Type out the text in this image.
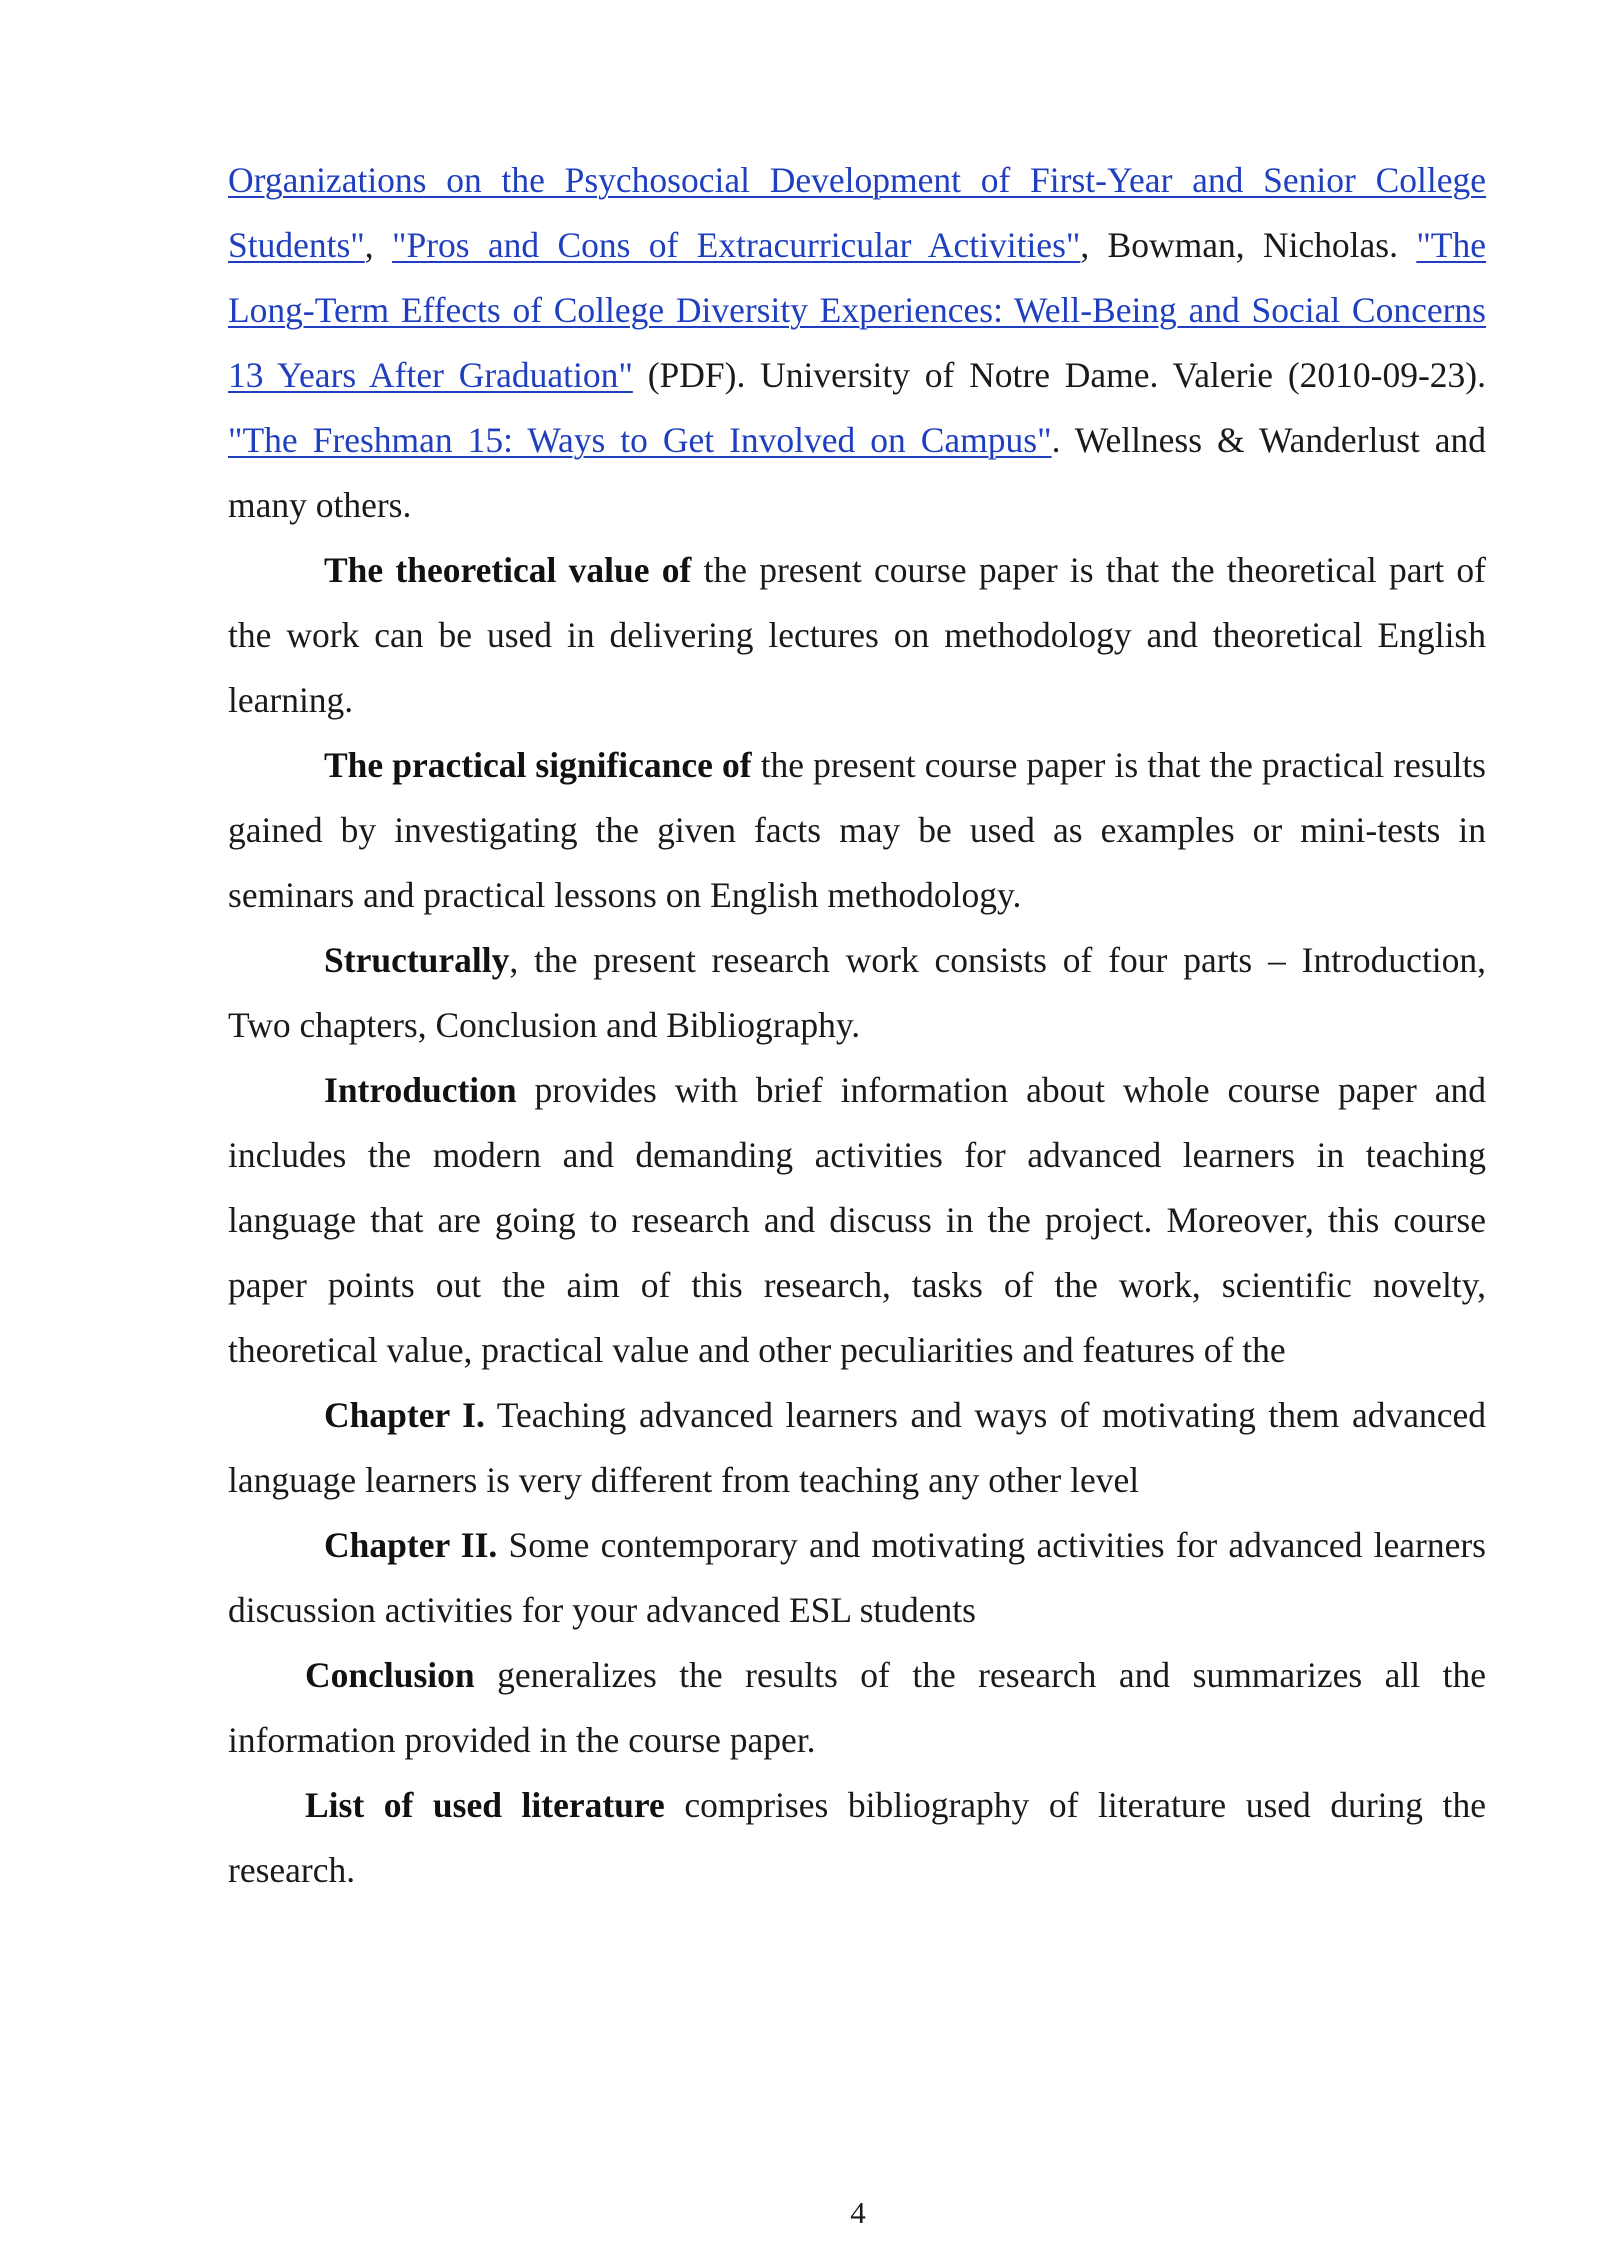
Organizations on the Psychosocial Development of First-Year and Senior College Students", "Pros and Cons of Extracurricular Activities", Bowman, Nicholas. "The Long-Term Effects of College Diversity Experiences: Well-Being and Social Concerns 13 Years After Graduation" (PDF). University of Notre Dame. Valerie (2010-09-23). "The Freshman 15: Ways to Get Involved on Campus". Wellness & Wanderlust and many others.

The theoretical value of the present course paper is that the theoretical part of the work can be used in delivering lectures on methodology and theoretical English learning.

The practical significance of the present course paper is that the practical results gained by investigating the given facts may be used as examples or mini-tests in seminars and practical lessons on English methodology.

Structurally, the present research work consists of four parts – Introduction, Two chapters, Conclusion and Bibliography.

Introduction provides with brief information about whole course paper and includes the modern and demanding activities for advanced learners in teaching language that are going to research and discuss in the project. Moreover, this course paper points out the aim of this research, tasks of the work, scientific novelty, theoretical value, practical value and other peculiarities and features of the

Chapter I. Teaching advanced learners and ways of motivating them advanced language learners is very different from teaching any other level

Chapter II. Some contemporary and motivating activities for advanced learners discussion activities for your advanced ESL students

Conclusion generalizes the results of the research and summarizes all the information provided in the course paper.

List of used literature comprises bibliography of literature used during the research.

4
